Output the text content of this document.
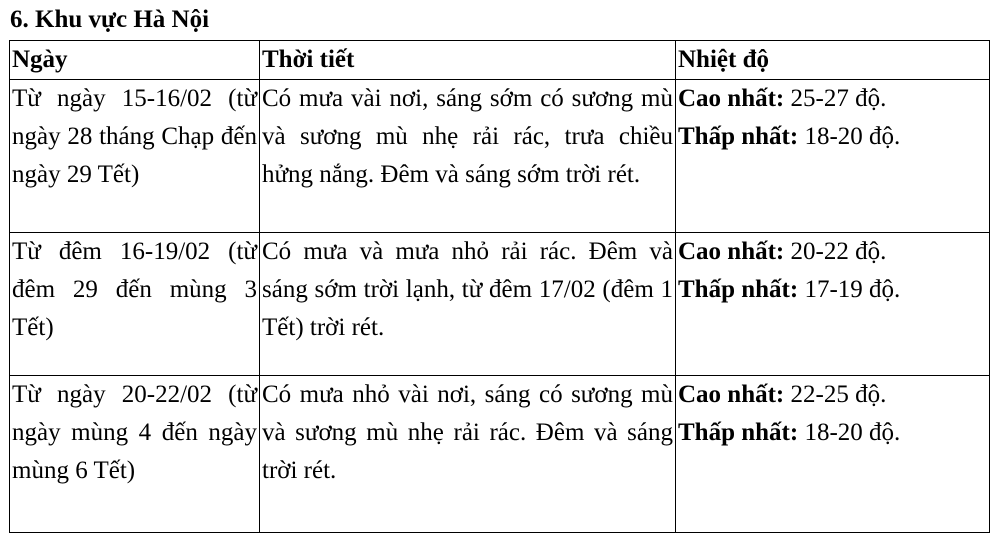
6. Khu vực Hà Nội
Ngày	Thời tiết	Nhiệt độ
Từ ngày 15-16/02 (từ ngày 28 tháng Chạp đến ngày 29 Tết)	Có mưa vài nơi, sáng sớm có sương mù và sương mù nhẹ rải rác, trưa chiều hửng nắng. Đêm và sáng sớm trời rét.	Cao nhất: 25-27 độ.
Thấp nhất: 18-20 độ.

Từ đêm 16-19/02 (từ đêm 29 đến mùng 3 Tết)	Có mưa và mưa nhỏ rải rác. Đêm và sáng sớm trời lạnh, từ đêm 17/02 (đêm 1 Tết) trời rét.	Cao nhất: 20-22 độ.
Thấp nhất: 17-19 độ.

Từ ngày 20-22/02 (từ ngày mùng 4 đến ngày mùng 6 Tết)	Có mưa nhỏ vài nơi, sáng có sương mù và sương mù nhẹ rải rác. Đêm và sáng trời rét.	Cao nhất: 22-25 độ.
Thấp nhất: 18-20 độ.
